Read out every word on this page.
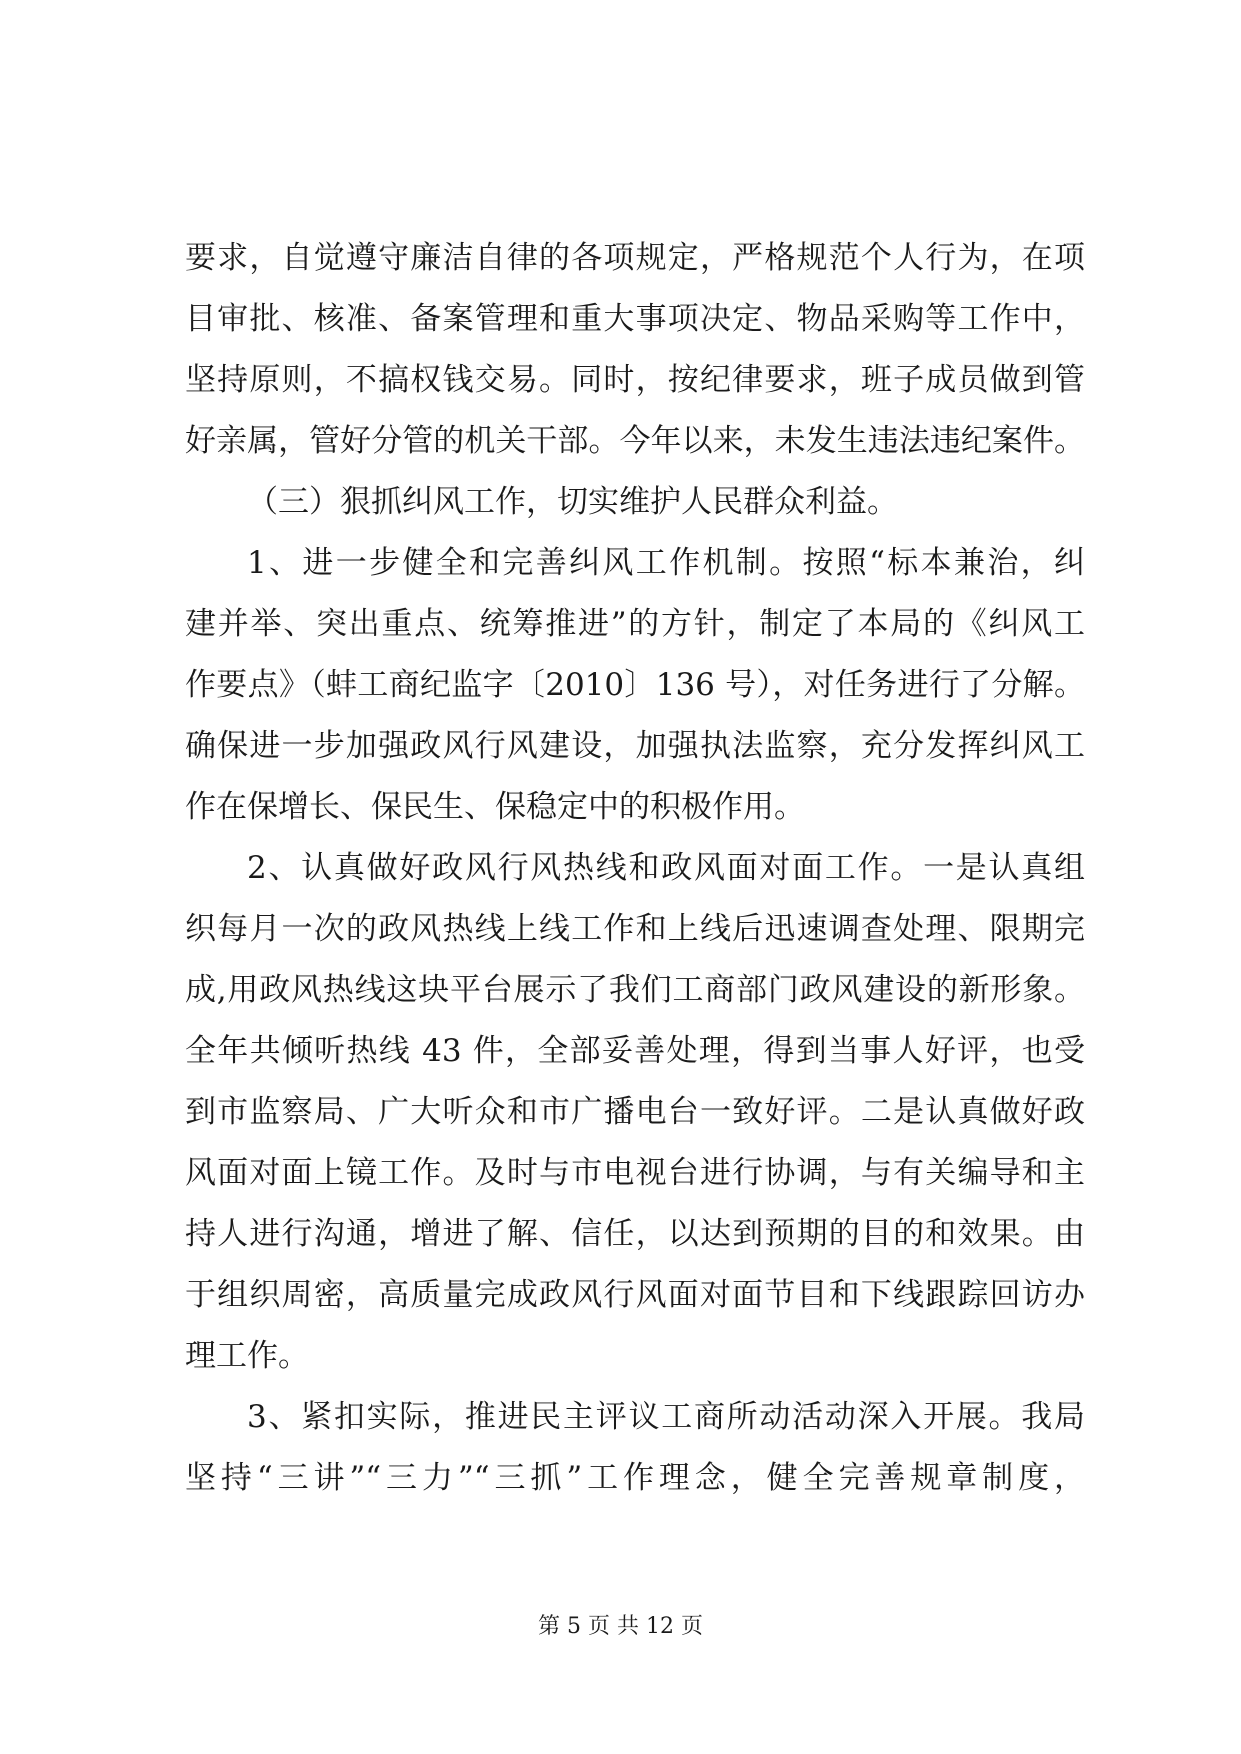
要求，自觉遵守廉洁自律的各项规定，严格规范个人行为，在项
目审批、核准、备案管理和重大事项决定、物品采购等工作中，
坚持原则，不搞权钱交易。同时，按纪律要求，班子成员做到管
好亲属，管好分管的机关干部。今年以来，未发生违法违纪案件。
（三）狠抓纠风工作，切实维护人民群众利益。
1、进一步健全和完善纠风工作机制。按照“标本兼治，纠
建并举、突出重点、统筹推进”的方针，制定了本局的《纠风工
作要点》（蚌工商纪监字〔2010〕136 号），对任务进行了分解。
确保进一步加强政风行风建设，加强执法监察，充分发挥纠风工
作在保增长、保民生、保稳定中的积极作用。
2、认真做好政风行风热线和政风面对面工作。一是认真组
织每月一次的政风热线上线工作和上线后迅速调查处理、限期完
成,用政风热线这块平台展示了我们工商部门政风建设的新形象。
全年共倾听热线 43 件，全部妥善处理，得到当事人好评，也受
到市监察局、广大听众和市广播电台一致好评。二是认真做好政
风面对面上镜工作。及时与市电视台进行协调，与有关编导和主
持人进行沟通，增进了解、信任，以达到预期的目的和效果。由
于组织周密，高质量完成政风行风面对面节目和下线跟踪回访办
理工作。
3、紧扣实际，推进民主评议工商所动活动深入开展。我局
坚持“三讲”“三力”“三抓”工作理念，健全完善规章制度，
第 5 页 共 12 页
